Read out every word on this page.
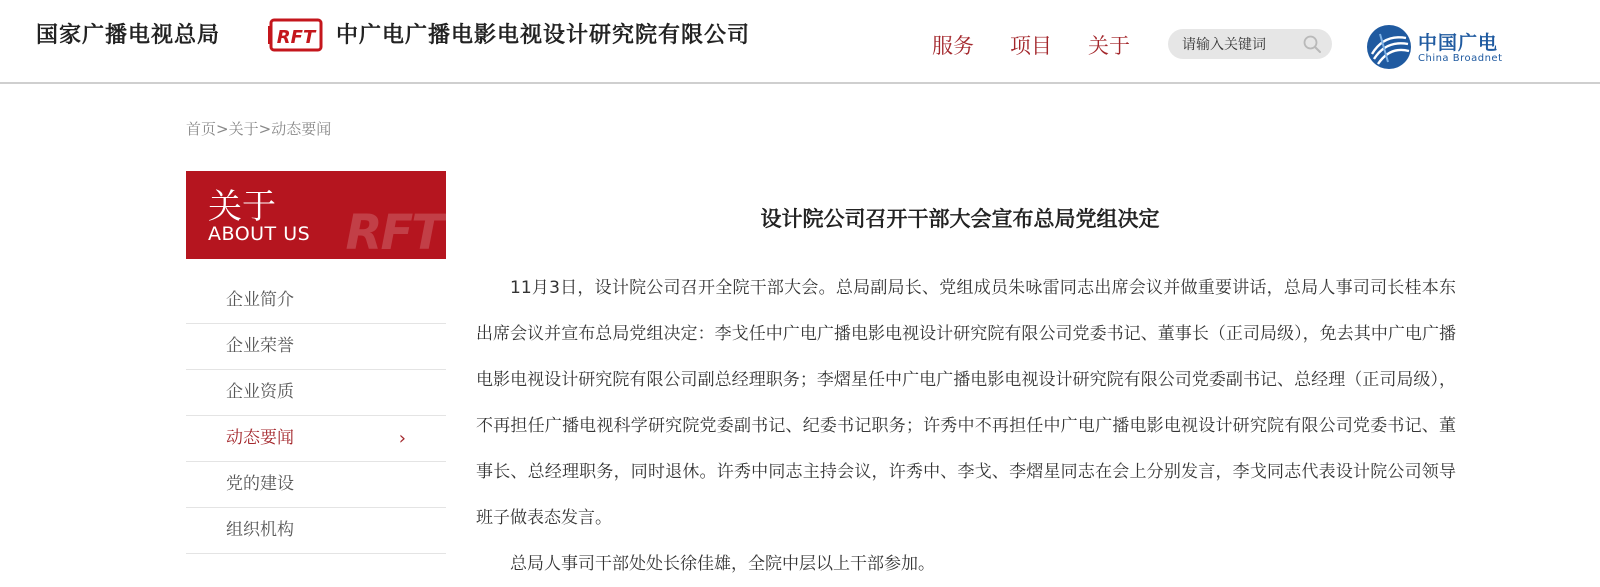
国家广播电视总局	RFT 中广电广播电影电视设计研究院有限公司	服务 项目 关于
请输入关键词	中国广电
China Broadnet
首页>关于>动态要闻
关于
ABOUT US RFT
企业简介
企业荣誉
企业资质
动态要闻	›
党的建设
组织机构
设计院公司召开干部大会宣布总局党组决定

11月3日，设计院公司召开全院干部大会。总局副局长、党组成员朱咏雷同志出席会议并做重要讲话，总局人事司司长桂本东出席会议并宣布总局党组决定：李戈任中广电广播电影电视设计研究院有限公司党委书记、董事长（正司局级），免去其中广电广播电影电视设计研究院有限公司副总经理职务；李熠星任中广电广播电影电视设计研究院有限公司党委副书记、总经理（正司局级），不再担任广播电视科学研究院党委副书记、纪委书记职务；许秀中不再担任中广电广播电影电视设计研究院有限公司党委书记、董事长、总经理职务，同时退休。许秀中同志主持会议，许秀中、李戈、李熠星同志在会上分别发言，李戈同志代表设计院公司领导班子做表态发言。

总局人事司干部处处长徐佳雄，全院中层以上干部参加。
